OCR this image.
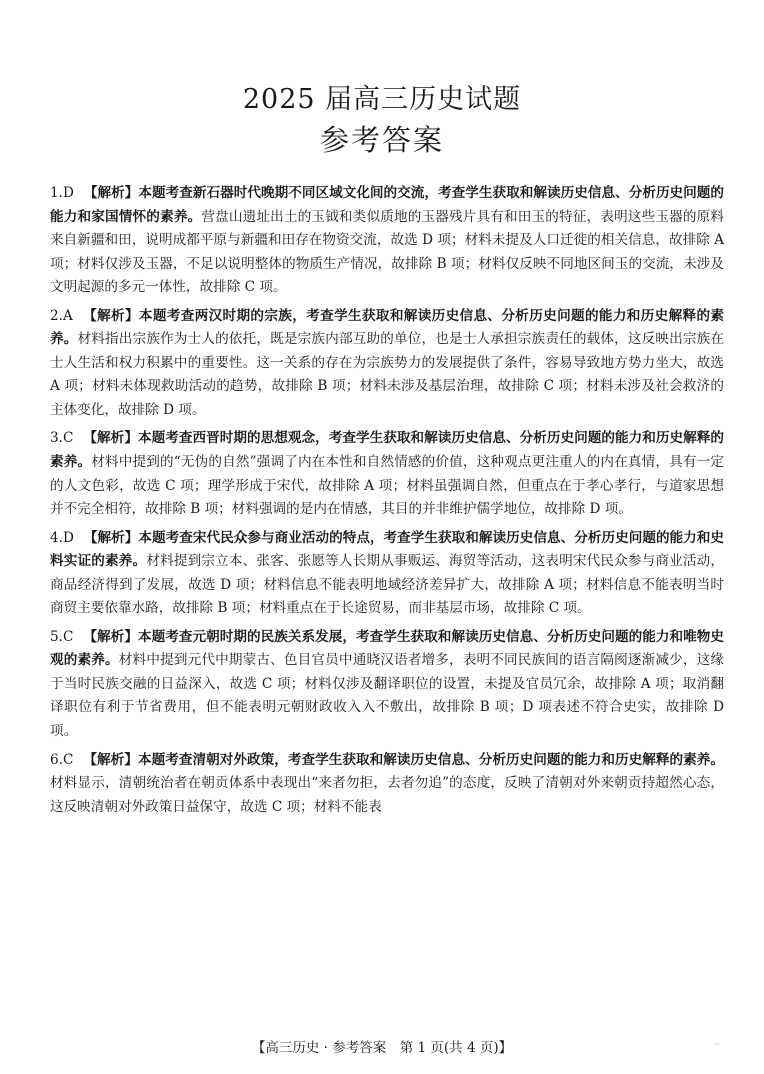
2025 届高三历史试题
参考答案
1.D 【解析】本题考查新石器时代晚期不同区域文化间的交流，考查学生获取和解读历史信息、分析历史问题的能力和家国情怀的素养。营盘山遗址出土的玉钺和类似质地的玉器残片具有和田玉的特征，表明这些玉器的原料来自新疆和田，说明成都平原与新疆和田存在物资交流，故选 D 项；材料未提及人口迁徙的相关信息，故排除 A 项；材料仅涉及玉器，不足以说明整体的物质生产情况，故排除 B 项；材料仅反映不同地区间玉的交流，未涉及文明起源的多元一体性，故排除 C 项。
2.A 【解析】本题考查两汉时期的宗族，考查学生获取和解读历史信息、分析历史问题的能力和历史解释的素养。材料指出宗族作为士人的依托，既是宗族内部互助的单位，也是士人承担宗族责任的载体，这反映出宗族在士人生活和权力积累中的重要性。这一关系的存在为宗族势力的发展提供了条件，容易导致地方势力坐大，故选 A 项；材料未体现救助活动的趋势，故排除 B 项；材料未涉及基层治理，故排除 C 项；材料未涉及社会救济的主体变化，故排除 D 项。
3.C 【解析】本题考查西晋时期的思想观念，考查学生获取和解读历史信息、分析历史问题的能力和历史解释的素养。材料中提到的“无伪的自然”强调了内在本性和自然情感的价值，这种观点更注重人的内在真情，具有一定的人文色彩，故选 C 项；理学形成于宋代，故排除 A 项；材料虽强调自然，但重点在于孝心孝行，与道家思想并不完全相符，故排除 B 项；材料强调的是内在情感，其目的并非维护儒学地位，故排除 D 项。
4.D 【解析】本题考查宋代民众参与商业活动的特点，考查学生获取和解读历史信息、分析历史问题的能力和史料实证的素养。材料提到宗立本、张客、张愿等人长期从事贩运、海贸等活动，这表明宋代民众参与商业活动，商品经济得到了发展，故选 D 项；材料信息不能表明地域经济差异扩大，故排除 A 项；材料信息不能表明当时商贸主要依靠水路，故排除 B 项；材料重点在于长途贸易，而非基层市场，故排除 C 项。
5.C 【解析】本题考查元朝时期的民族关系发展，考查学生获取和解读历史信息、分析历史问题的能力和唯物史观的素养。材料中提到元代中期蒙古、色目官员中通晓汉语者增多，表明不同民族间的语言隔阂逐渐减少，这缘于当时民族交融的日益深入，故选 C 项；材料仅涉及翻译职位的设置，未提及官员冗余，故排除 A 项；取消翻译职位有利于节省费用，但不能表明元朝财政收入入不敷出，故排除 B 项；D 项表述不符合史实，故排除 D 项。
6.C 【解析】本题考查清朝对外政策，考查学生获取和解读历史信息、分析历史问题的能力和历史解释的素养。材料显示，清朝统治者在朝贡体系中表现出“来者勿拒，去者勿追”的态度，反映了清朝对外来朝贡持超然心态，这反映清朝对外政策日益保守，故选 C 项；材料不能表
【高三历史 · 参考答案　第 1 页(共 4 页)】	··
